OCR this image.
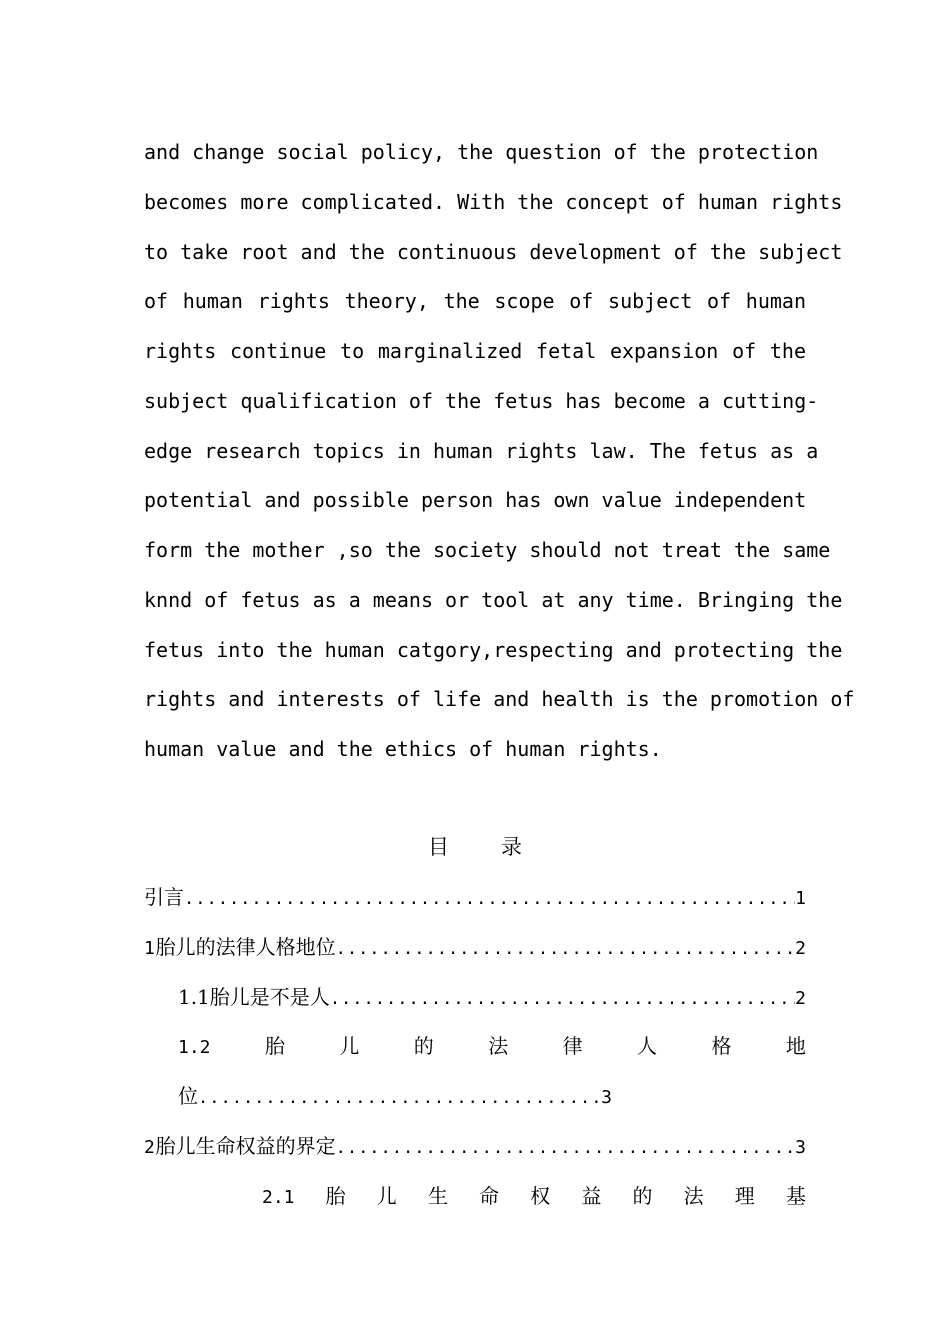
and change social policy, the question of the protection
becomes more complicated. With the concept of human rights
to take root and the continuous development of the subject
of human rights theory, the scope of subject of human
rights continue to marginalized fetal expansion of the
subject qualification of the fetus has become a cutting-
edge research topics in human rights law. The fetus as a
potential and possible person has own value independent
form the mother ,so the society should not treat the same
knnd of fetus as a means or tool at any time. Bringing the
fetus into the human catgory,respecting and protecting the
rights and interests of life and health is the promotion of
human value and the ethics of human rights.
目 录
引言 .....	1
1 胎儿的法律人格地位 .....	2
1.1胎儿是不是人 .....	2
1.2	胎	儿	的	法	律	人	格	地
位 .....	3
2 胎儿生命权益的界定 .....	3
2.1 胎 儿 生 命 权 益 的 法 理 基
